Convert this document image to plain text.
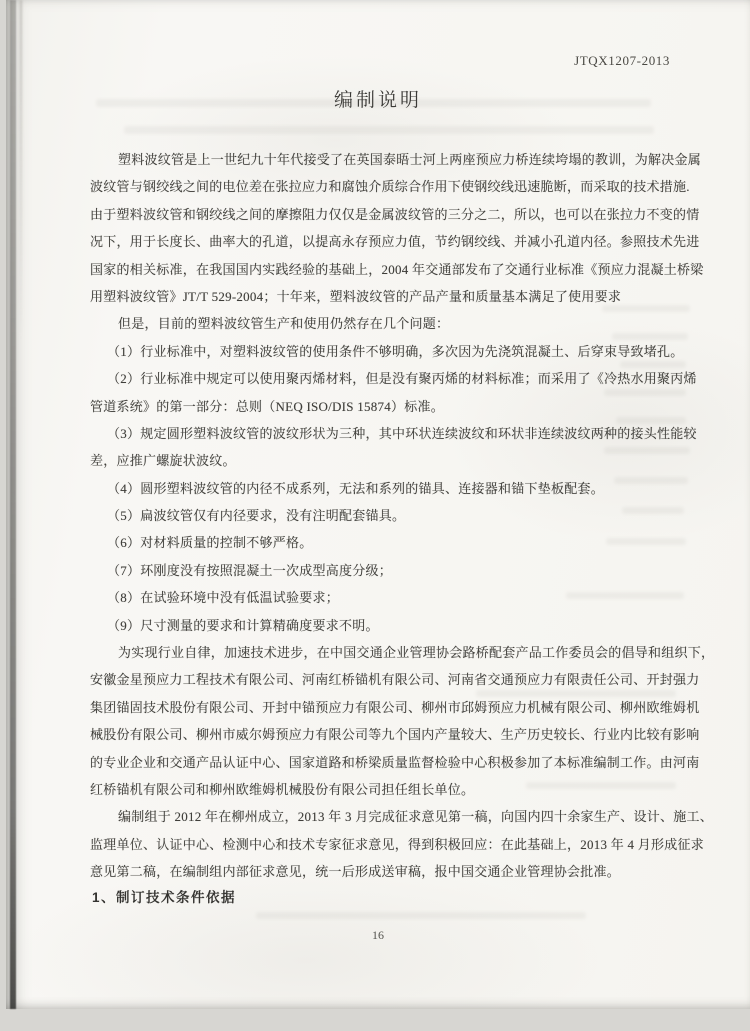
JTQX1207-2013
编制说明
塑料波纹管是上一世纪九十年代接受了在英国泰晤士河上两座预应力桥连续垮塌的教训，为解决金属
波纹管与钢绞线之间的电位差在张拉应力和腐蚀介质综合作用下使钢绞线迅速脆断，而采取的技术措施.
由于塑料波纹管和钢绞线之间的摩擦阻力仅仅是金属波纹管的三分之二，所以，也可以在张拉力不变的情
况下，用于长度长、曲率大的孔道，以提高永存预应力值，节约钢绞线、并减小孔道内径。参照技术先进
国家的相关标准，在我国国内实践经验的基础上，2004 年交通部发布了交通行业标准《预应力混凝土桥梁
用塑料波纹管》JT/T 529-2004；十年来，塑料波纹管的产品产量和质量基本满足了使用要求
但是，目前的塑料波纹管生产和使用仍然存在几个问题：
（1）行业标准中，对塑料波纹管的使用条件不够明确，多次因为先浇筑混凝土、后穿束导致堵孔。
（2）行业标准中规定可以使用聚丙烯材料，但是没有聚丙烯的材料标准；而采用了《冷热水用聚丙烯
管道系统》的第一部分：总则（NEQ ISO/DIS 15874）标准。
（3）规定圆形塑料波纹管的波纹形状为三种，其中环状连续波纹和环状非连续波纹两种的接头性能较
差，应推广螺旋状波纹。
（4）圆形塑料波纹管的内径不成系列，无法和系列的锚具、连接器和锚下垫板配套。
（5）扁波纹管仅有内径要求，没有注明配套锚具。
（6）对材料质量的控制不够严格。
（7）环刚度没有按照混凝土一次成型高度分级；
（8）在试验环境中没有低温试验要求；
（9）尺寸测量的要求和计算精确度要求不明。
为实现行业自律，加速技术进步，在中国交通企业管理协会路桥配套产品工作委员会的倡导和组织下，
安徽金星预应力工程技术有限公司、河南红桥锚机有限公司、河南省交通预应力有限责任公司、开封强力
集团锚固技术股份有限公司、开封中锚预应力有限公司、柳州市邱姆预应力机械有限公司、柳州欧维姆机
械股份有限公司、柳州市威尔姆预应力有限公司等九个国内产量较大、生产历史较长、行业内比较有影响
的专业企业和交通产品认证中心、国家道路和桥梁质量监督检验中心积极参加了本标准编制工作。由河南
红桥锚机有限公司和柳州欧维姆机械股份有限公司担任组长单位。
编制组于 2012 年在柳州成立，2013 年 3 月完成征求意见第一稿，向国内四十余家生产、设计、施工、
监理单位、认证中心、检测中心和技术专家征求意见，得到积极回应：在此基础上，2013 年 4 月形成征求
意见第二稿，在编制组内部征求意见，统一后形成送审稿，报中国交通企业管理协会批准。
1、制订技术条件依据
16
